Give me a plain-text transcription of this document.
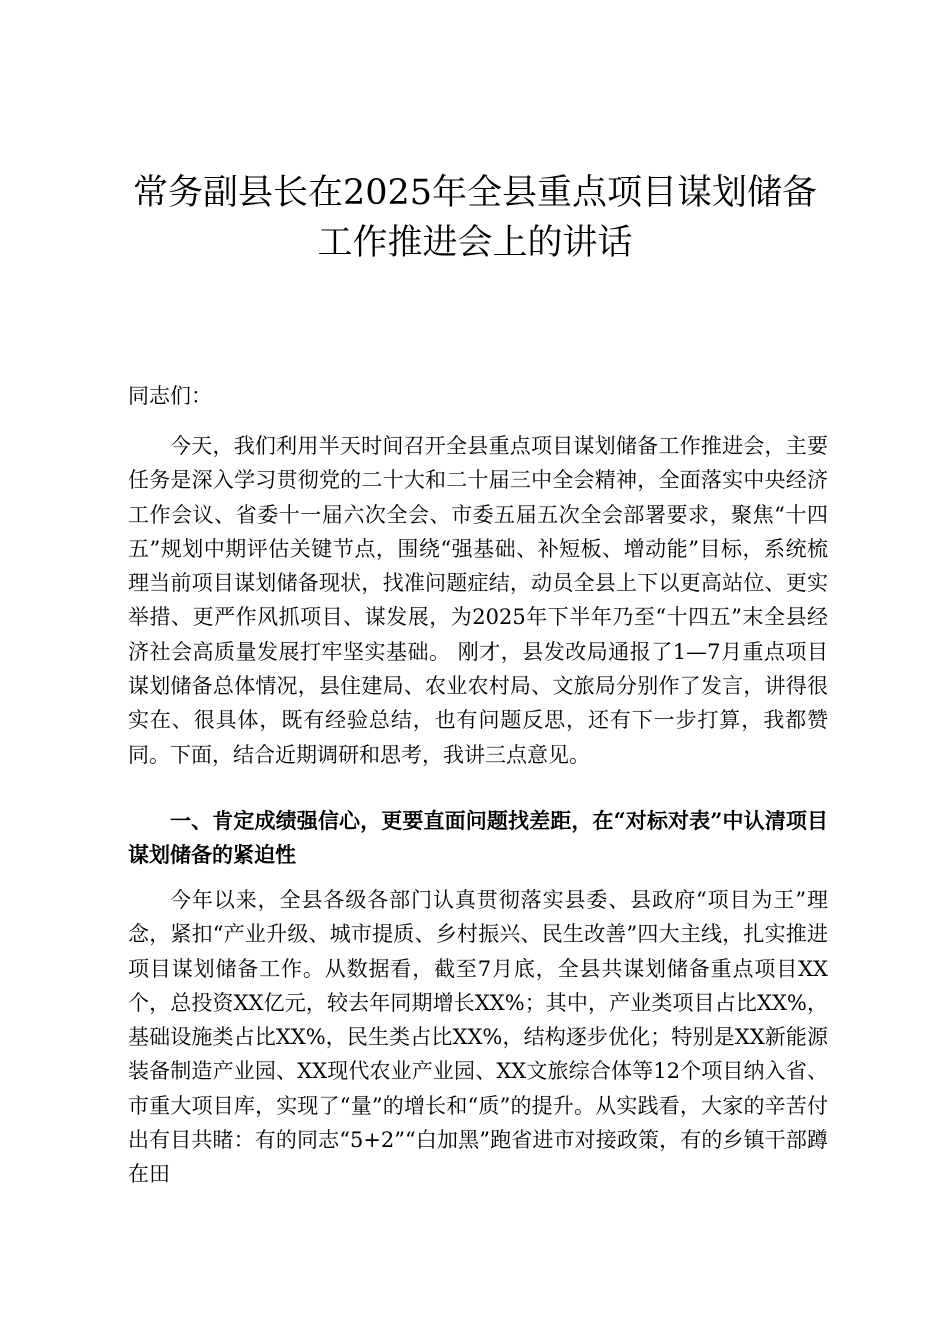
常务副县长在2025年全县重点项目谋划储备工作推进会上的讲话

同志们：

今天，我们利用半天时间召开全县重点项目谋划储备工作推进会，主要任务是深入学习贯彻党的二十大和二十届三中全会精神，全面落实中央经济工作会议、省委十一届六次全会、市委五届五次全会部署要求，聚焦“十四五”规划中期评估关键节点，围绕“强基础、补短板、增动能”目标，系统梳理当前项目谋划储备现状，找准问题症结，动员全县上下以更高站位、更实举措、更严作风抓项目、谋发展，为2025年下半年乃至“十四五”末全县经济社会高质量发展打牢坚实基础。 刚才，县发改局通报了1—7月重点项目谋划储备总体情况，县住建局、农业农村局、文旅局分别作了发言，讲得很实在、很具体，既有经验总结，也有问题反思，还有下一步打算，我都赞同。下面，结合近期调研和思考，我讲三点意见。

一、肯定成绩强信心，更要直面问题找差距，在“对标对表”中认清项目谋划储备的紧迫性

今年以来，全县各级各部门认真贯彻落实县委、县政府“项目为王”理念，紧扣“产业升级、城市提质、乡村振兴、民生改善”四大主线，扎实推进项目谋划储备工作。从数据看，截至7月底，全县共谋划储备重点项目XX个，总投资XX亿元，较去年同期增长XX%；其中，产业类项目占比XX%，基础设施类占比XX%，民生类占比XX%，结构逐步优化；特别是XX新能源装备制造产业园、XX现代农业产业园、XX文旅综合体等12个项目纳入省、市重大项目库，实现了“量”的增长和“质”的提升。从实践看，大家的辛苦付出有目共睹：有的同志“5+2”“白加黑”跑省进市对接政策，有的乡镇干部蹲在田
